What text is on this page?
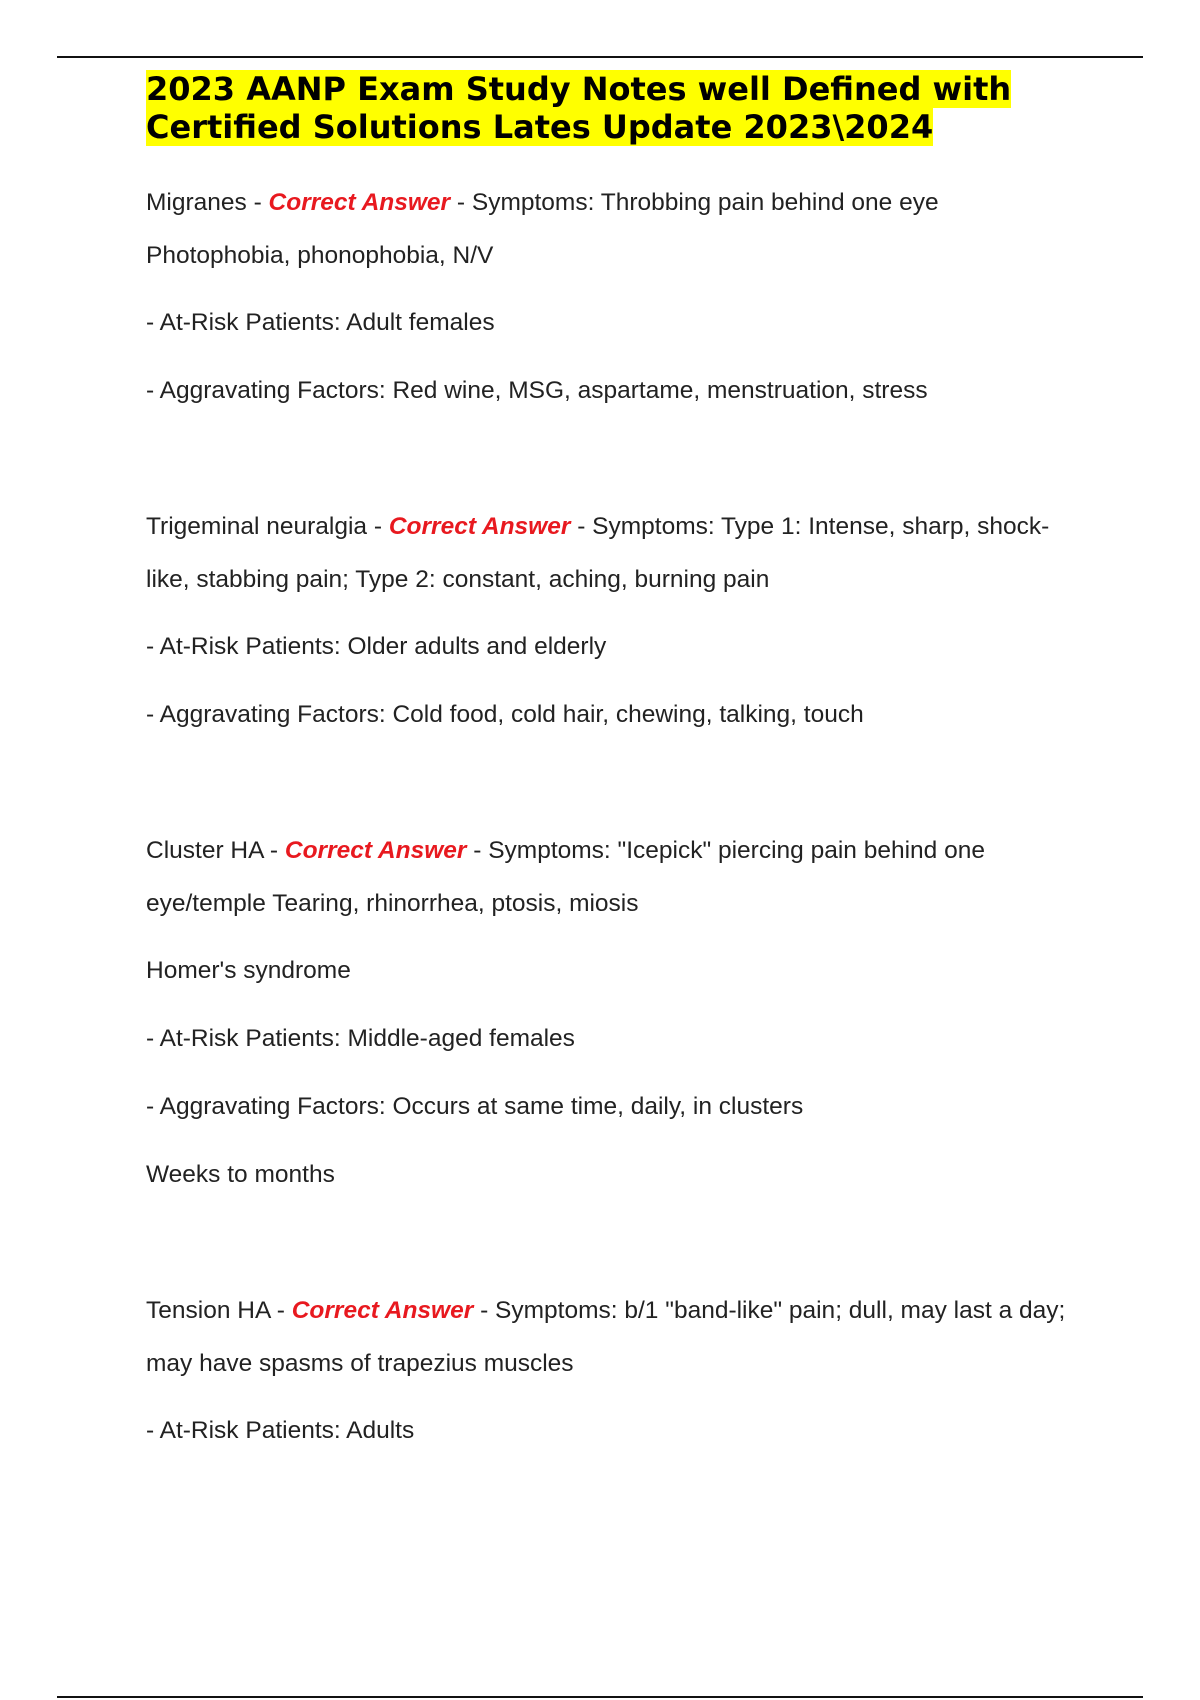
2023 AANP Exam Study Notes well Defined with Certified Solutions Lates Update 2023\2024

Migranes - Correct Answer - Symptoms: Throbbing pain behind one eye Photophobia, phonophobia, N/V

- At-Risk Patients: Adult females

- Aggravating Factors: Red wine, MSG, aspartame, menstruation, stress

Trigeminal neuralgia - Correct Answer - Symptoms: Type 1: Intense, sharp, shock-like, stabbing pain; Type 2: constant, aching, burning pain

- At-Risk Patients: Older adults and elderly

- Aggravating Factors: Cold food, cold hair, chewing, talking, touch

Cluster HA - Correct Answer - Symptoms: "Icepick" piercing pain behind one eye/temple Tearing, rhinorrhea, ptosis, miosis

Homer's syndrome

- At-Risk Patients: Middle-aged females

- Aggravating Factors: Occurs at same time, daily, in clusters

Weeks to months

Tension HA - Correct Answer - Symptoms: b/1 "band-like" pain; dull, may last a day; may have spasms of trapezius muscles

- At-Risk Patients: Adults
